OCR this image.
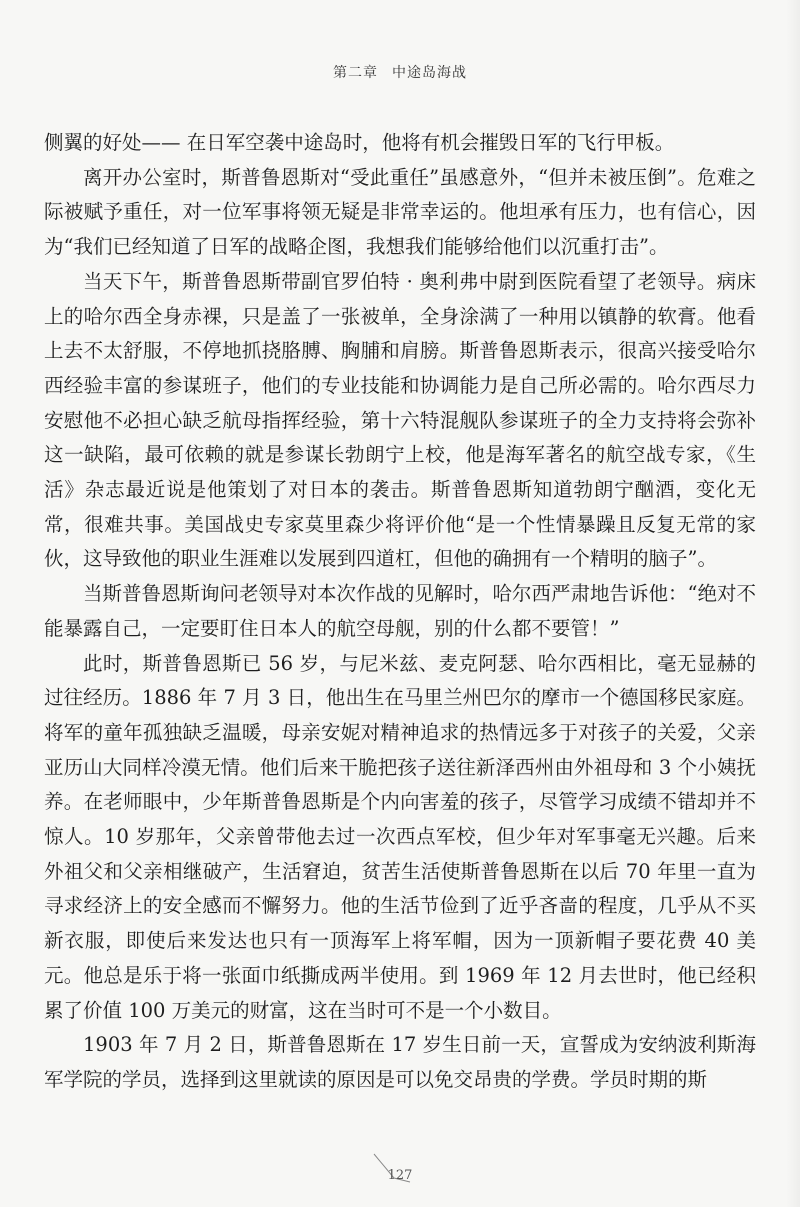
第二章 中途岛海战

侧翼的好处—— 在日军空袭中途岛时，他将有机会摧毁日军的飞行甲板。

离开办公室时，斯普鲁恩斯对“受此重任”虽感意外，“但并未被压倒”。危难之际被赋予重任，对一位军事将领无疑是非常幸运的。他坦承有压力，也有信心，因为“我们已经知道了日军的战略企图，我想我们能够给他们以沉重打击”。

当天下午，斯普鲁恩斯带副官罗伯特 · 奥利弗中尉到医院看望了老领导。病床上的哈尔西全身赤裸，只是盖了一张被单，全身涂满了一种用以镇静的软膏。他看上去不太舒服，不停地抓挠胳膊、胸脯和肩膀。斯普鲁恩斯表示，很高兴接受哈尔西经验丰富的参谋班子，他们的专业技能和协调能力是自己所必需的。哈尔西尽力安慰他不必担心缺乏航母指挥经验，第十六特混舰队参谋班子的全力支持将会弥补这一缺陷，最可依赖的就是参谋长勃朗宁上校，他是海军著名的航空战专家，《生活》杂志最近说是他策划了对日本的袭击。斯普鲁恩斯知道勃朗宁酗酒，变化无常，很难共事。美国战史专家莫里森少将评价他“是一个性情暴躁且反复无常的家伙，这导致他的职业生涯难以发展到四道杠，但他的确拥有一个精明的脑子”。

当斯普鲁恩斯询问老领导对本次作战的见解时，哈尔西严肃地告诉他：“绝对不能暴露自己，一定要盯住日本人的航空母舰，别的什么都不要管！”

此时，斯普鲁恩斯已 56 岁，与尼米兹、麦克阿瑟、哈尔西相比，毫无显赫的过往经历。1886 年 7 月 3 日，他出生在马里兰州巴尔的摩市一个德国移民家庭。将军的童年孤独缺乏温暖，母亲安妮对精神追求的热情远多于对孩子的关爱，父亲亚历山大同样冷漠无情。他们后来干脆把孩子送往新泽西州由外祖母和 3 个小姨抚养。在老师眼中，少年斯普鲁恩斯是个内向害羞的孩子，尽管学习成绩不错却并不惊人。10 岁那年，父亲曾带他去过一次西点军校，但少年对军事毫无兴趣。后来外祖父和父亲相继破产，生活窘迫，贫苦生活使斯普鲁恩斯在以后 70 年里一直为寻求经济上的安全感而不懈努力。他的生活节俭到了近乎吝啬的程度，几乎从不买新衣服，即使后来发达也只有一顶海军上将军帽，因为一顶新帽子要花费 40 美元。他总是乐于将一张面巾纸撕成两半使用。到 1969 年 12 月去世时，他已经积累了价值 100 万美元的财富，这在当时可不是一个小数目。

1903 年 7 月 2 日，斯普鲁恩斯在 17 岁生日前一天，宣誓成为安纳波利斯海军学院的学员，选择到这里就读的原因是可以免交昂贵的学费。学员时期的斯

127
